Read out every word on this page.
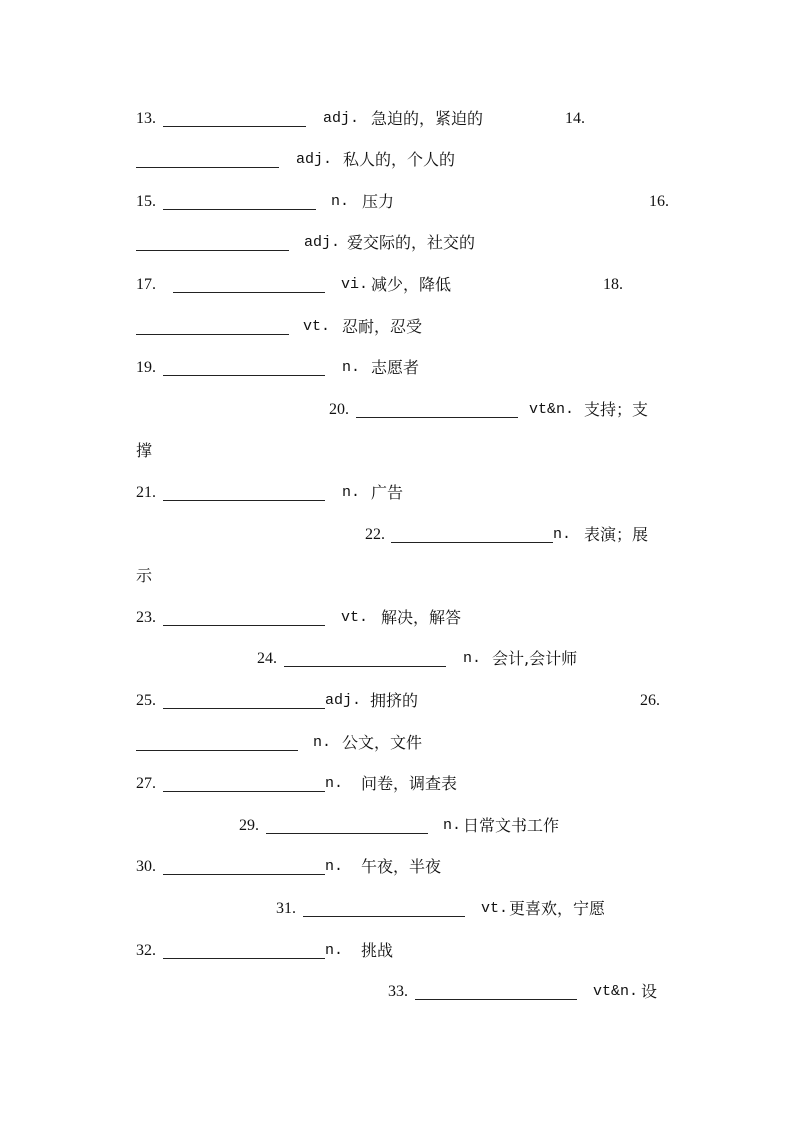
13.	adj. 急迫的，紧迫的	14.
adj. 私人的，个人的
15.	n. 压力	16.
adj. 爱交际的，社交的
17.	vi. 减少，降低	18.
vt. 忍耐，忍受
19.	n. 志愿者
20.	vt&n. 支持；支
撑
21.	n. 广告
22.	n. 表演；展
示
23.	vt. 解决，解答
24.	n. 会计,会计师
25.	adj. 拥挤的	26.
n. 公文，文件
27.	n. 问卷，调查表
29.	n. 日常文书工作
30.	n. 午夜，半夜
31.	vt. 更喜欢，宁愿
32.	n. 挑战
33.	vt&n. 设
